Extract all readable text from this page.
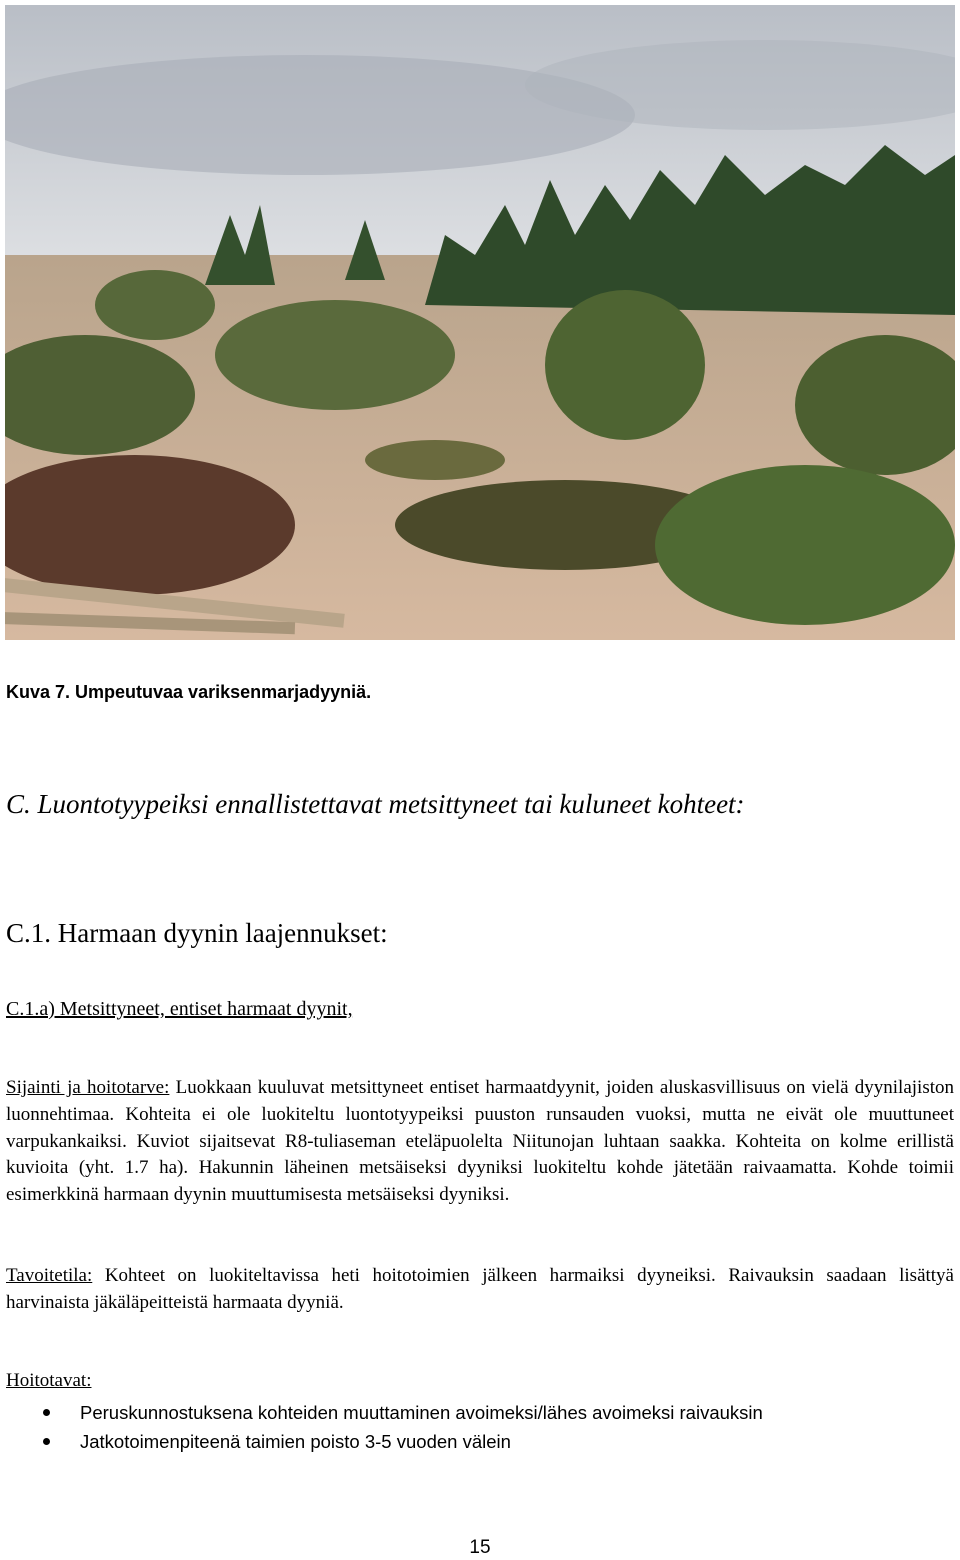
Kuva 7. Umpeutuvaa variksenmarjadyyniä.

C. Luontotyypeiksi ennallistettavat metsittyneet tai kuluneet kohteet:
C.1. Harmaan dyynin laajennukset:
C.1.a) Metsittyneet, entiset harmaat dyynit,

Sijainti ja hoitotarve: Luokkaan kuuluvat metsittyneet entiset harmaatdyynit, joiden aluskasvillisuus on vielä dyynilajiston luonnehtimaa. Kohteita ei ole luokiteltu luontotyypeiksi puuston runsauden vuoksi, mutta ne eivät ole muuttuneet varpukankaiksi. Kuviot sijaitsevat R8-tuliaseman eteläpuolelta Niitunojan luhtaan saakka. Kohteita on kolme erillistä kuvioita (yht. 1.7 ha). Hakunnin läheinen metsäiseksi dyyniksi luokiteltu kohde jätetään raivaamatta. Kohde toimii esimerkkinä harmaan dyynin muuttumisesta metsäiseksi dyyniksi.

Tavoitetila: Kohteet on luokiteltavissa heti hoitotoimien jälkeen harmaiksi dyyneiksi. Raivauksin saadaan lisättyä harvinaista jäkäläpeitteistä harmaata dyyniä.

Hoitotavat:

Peruskunnostuksena kohteiden muuttaminen avoimeksi/lähes avoimeksi raivauksin
Jatkotoimenpiteenä taimien poisto 3-5 vuoden välein
15
